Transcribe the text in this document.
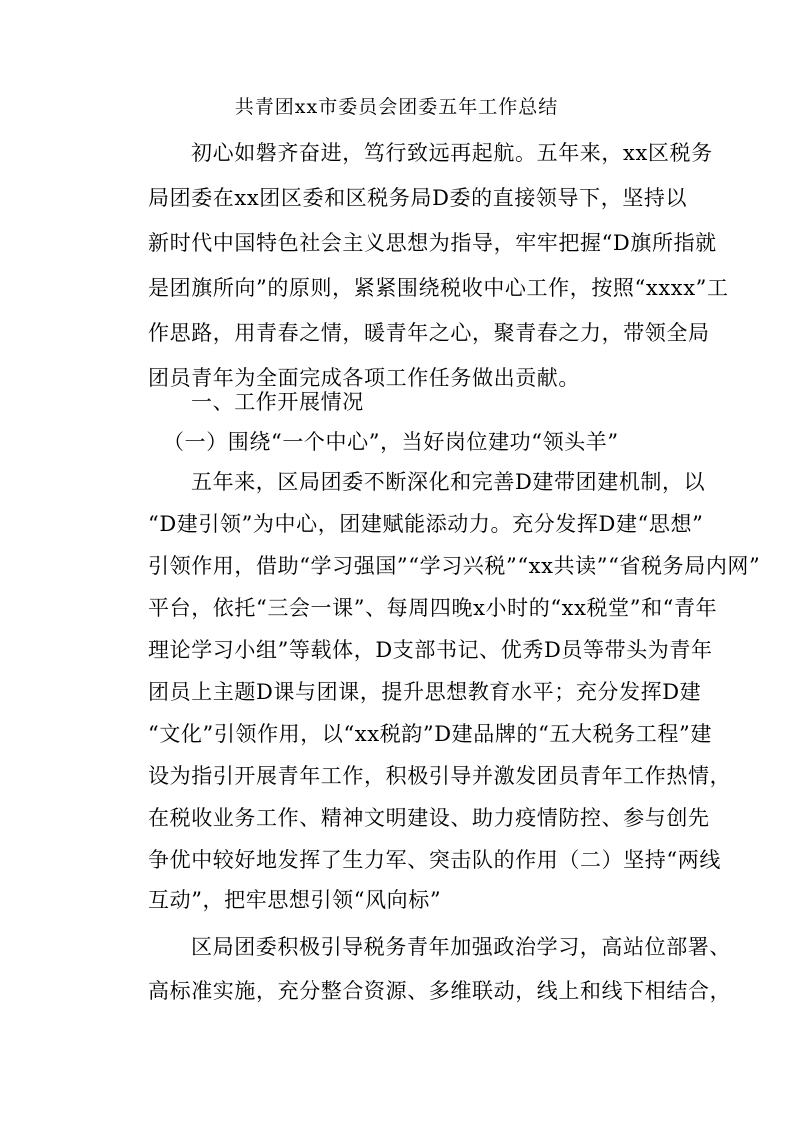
共青团xx市委员会团委五年工作总结
初心如磐齐奋进，笃行致远再起航。五年来，xx区税务
局团委在xx团区委和区税务局D委的直接领导下，坚持以
新时代中国特色社会主义思想为指导，牢牢把握“D旗所指就
是团旗所向”的原则，紧紧围绕税收中心工作，按照“xxxx”工
作思路，用青春之情，暖青年之心，聚青春之力，带领全局
团员青年为全面完成各项工作任务做出贡献。
一、工作开展情况
（一）围绕“一个中心”，当好岗位建功“领头羊”
五年来，区局团委不断深化和完善D建带团建机制，以
“D建引领”为中心，团建赋能添动力。充分发挥D建“思想”
引领作用，借助“学习强国”“学习兴税”“xx共读”“省税务局内网”
平台，依托“三会一课”、每周四晚x小时的“xx税堂”和“青年
理论学习小组”等载体，D支部书记、优秀D员等带头为青年
团员上主题D课与团课，提升思想教育水平；充分发挥D建
“文化”引领作用，以“xx税韵”D建品牌的“五大税务工程”建
设为指引开展青年工作，积极引导并激发团员青年工作热情，
在税收业务工作、精神文明建设、助力疫情防控、参与创先
争优中较好地发挥了生力军、突击队的作用（二）坚持“两线
互动”，把牢思想引领“风向标”
区局团委积极引导税务青年加强政治学习，高站位部署、
高标准实施，充分整合资源、多维联动，线上和线下相结合，
